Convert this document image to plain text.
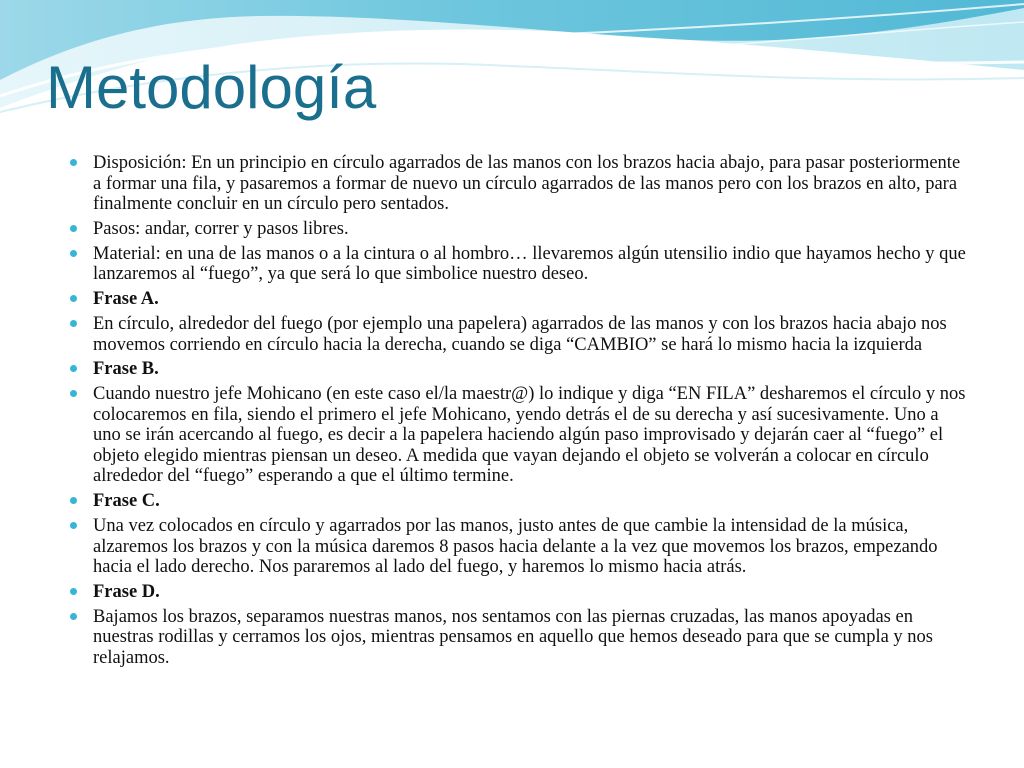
Metodología
Disposición: En un principio en círculo agarrados de las manos con los brazos hacia abajo, para pasar posteriormente a formar una fila, y pasaremos a formar de nuevo un círculo agarrados de las manos pero con los brazos en alto, para finalmente concluir en un círculo pero sentados.
Pasos: andar, correr y pasos libres.
Material: en una de las manos o a la cintura o al hombro… llevaremos algún utensilio indio que hayamos hecho y que lanzaremos al “fuego”, ya que será lo que simbolice nuestro deseo.
Frase A.
En círculo, alrededor del fuego (por ejemplo una papelera) agarrados de las manos y con los brazos hacia abajo nos movemos corriendo en círculo hacia la derecha, cuando se diga “CAMBIO” se hará lo mismo hacia la izquierda
Frase B.
Cuando nuestro jefe Mohicano (en este caso el/la maestr@) lo indique y diga “EN FILA” desharemos el círculo y nos colocaremos en fila, siendo el primero el jefe Mohicano, yendo detrás el de su derecha y así sucesivamente. Uno a uno se irán acercando al fuego, es decir a la papelera haciendo algún paso improvisado y dejarán caer al “fuego” el objeto elegido mientras piensan un deseo. A medida que vayan dejando el objeto se volverán a colocar en círculo alrededor del “fuego” esperando a que el último termine.
Frase C.
Una vez colocados en círculo y agarrados por las manos, justo antes de que cambie la intensidad de la música, alzaremos los brazos y con la música daremos 8 pasos hacia delante a la vez que movemos los brazos, empezando hacia el lado derecho. Nos pararemos al lado del fuego, y haremos lo mismo hacia atrás.
Frase D.
Bajamos los brazos, separamos nuestras manos, nos sentamos con las piernas cruzadas, las manos apoyadas en nuestras rodillas y cerramos los ojos, mientras pensamos en aquello que hemos deseado para que se cumpla y nos relajamos.
